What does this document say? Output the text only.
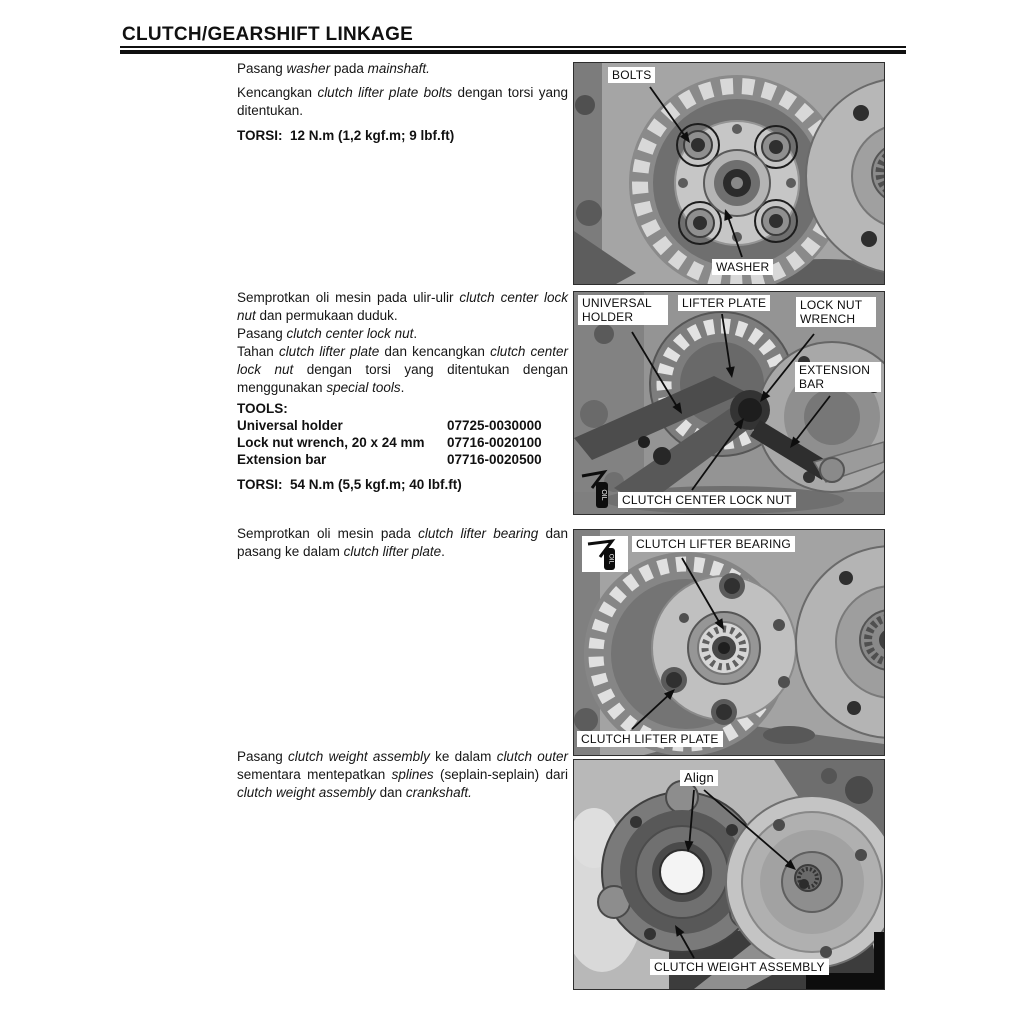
CLUTCH/GEARSHIFT LINKAGE

Pasang washer pada mainshaft.

Kencangkan clutch lifter plate bolts dengan torsi yang ditentukan.

TORSI:  12 N.m (1,2 kgf.m; 9 lbf.ft)

Semprotkan oli mesin pada ulir-ulir clutch center lock nut dan permukaan duduk.

Pasang clutch center lock nut.

Tahan clutch lifter plate dan kencangkan clutch center lock nut dengan torsi yang ditentukan dengan menggunakan special tools.

TOOLS:
Universal holder	07725-0030000
Lock nut wrench, 20 x 24 mm	07716-0020100
Extension bar	07716-0020500
TORSI:  54 N.m (5,5 kgf.m; 40 lbf.ft)

Semprotkan oli mesin pada clutch lifter bearing dan pasang ke dalam clutch lifter plate.

Pasang clutch weight assembly ke dalam clutch outer sementara mentepatkan splines (seplain-seplain) dari clutch weight assembly dan crankshaft.

BOLTS
WASHER
OIL
UNIVERSAL HOLDER
LIFTER PLATE	LOCK NUT WRENCH
EXTENSION BAR
CLUTCH CENTER LOCK NUT
OIL
CLUTCH LIFTER BEARING
CLUTCH LIFTER PLATE
Align
CLUTCH WEIGHT ASSEMBLY
